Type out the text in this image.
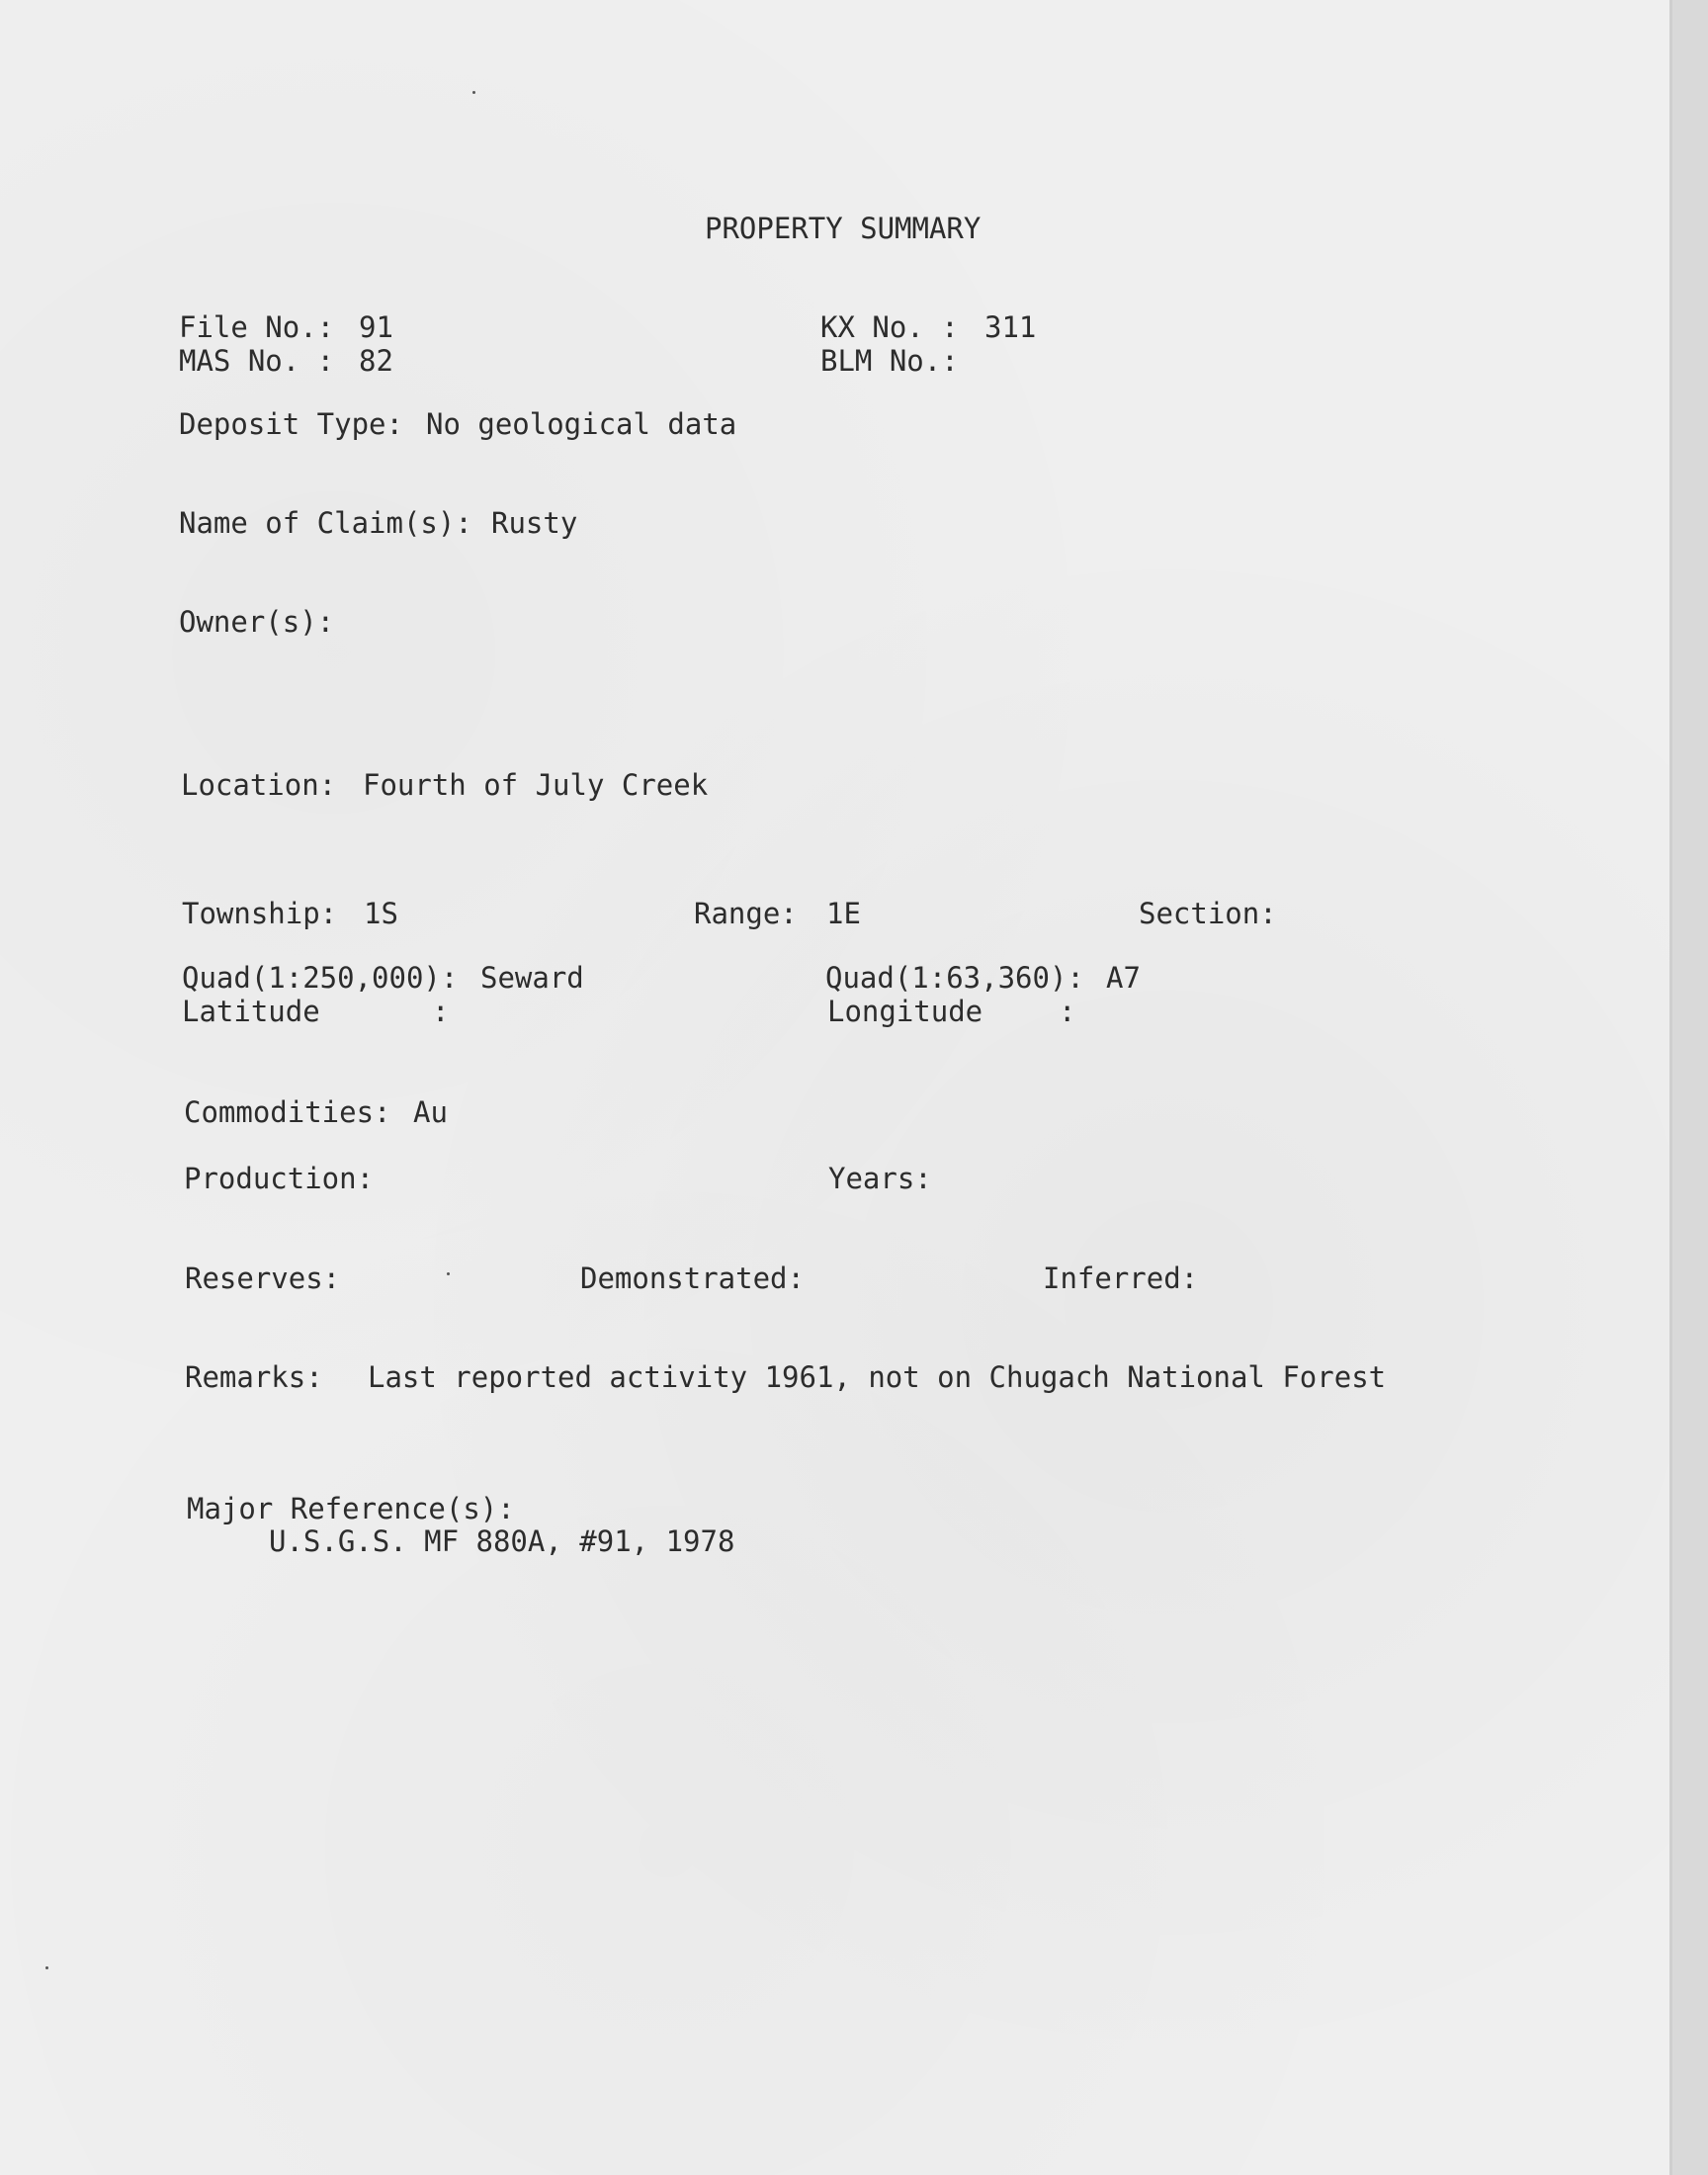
PROPERTY SUMMARY
File No.: 91	KX No. : 311
MAS No. : 82	BLM No.:
Deposit Type: No geological data
Name of Claim(s): Rusty
Owner(s):
Location: Fourth of July Creek
Township: 1S	Range: 1E	Section:
Quad(1:250,000): Seward	Quad(1:63,360): A7
Latitude	:	Longitude	:
Commodities: Au
Production:	Years:
Reserves:	Demonstrated:	Inferred:
Remarks: Last reported activity 1961, not on Chugach National Forest
Major Reference(s):
U.S.G.S. MF 880A, #91, 1978
